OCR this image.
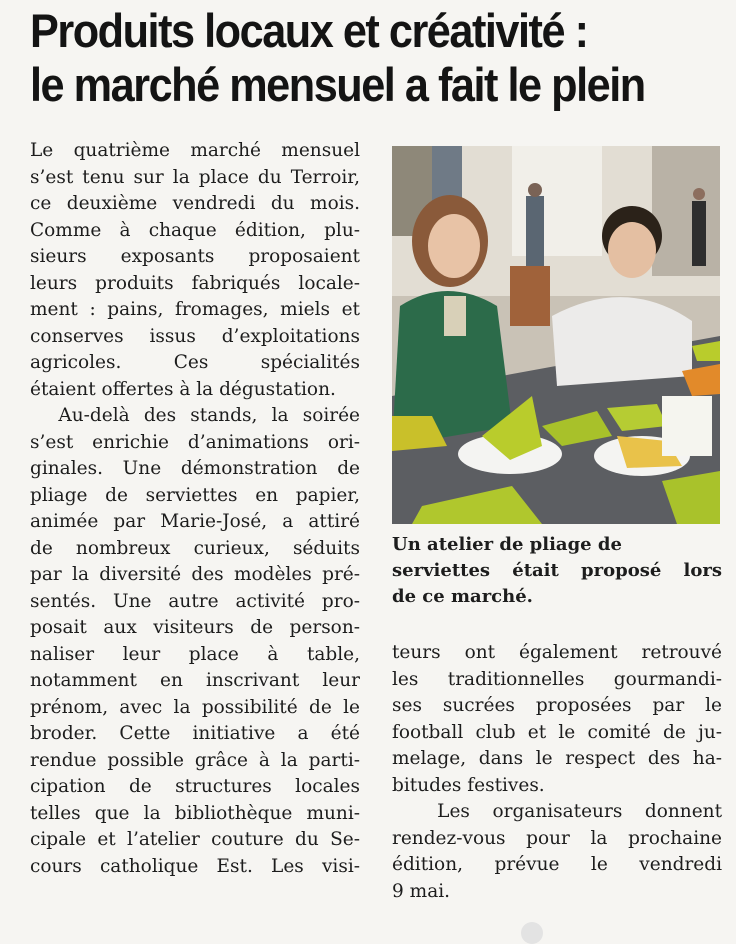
Produits locaux et créativité :
le marché mensuel a fait le plein
Le quatrième marché mensuel
s’est tenu sur la place du Terroir,
ce deuxième vendredi du mois.
Comme à chaque édition, plu-
sieurs exposants proposaient
leurs produits fabriqués locale-
ment : pains, fromages, miels et
conserves issus d’exploitations
agricoles. Ces spécialités
étaient offertes à la dégustation.
Au-delà des stands, la soirée
s’est enrichie d’animations ori-
ginales. Une démonstration de
pliage de serviettes en papier,
animée par Marie-José, a attiré
de nombreux curieux, séduits
par la diversité des modèles pré-
sentés. Une autre activité pro-
posait aux visiteurs de person-
naliser leur place à table,
notamment en inscrivant leur
prénom, avec la possibilité de le
broder. Cette initiative a été
rendue possible grâce à la parti-
cipation de structures locales
telles que la bibliothèque muni-
cipale et l’atelier couture du Se-
cours catholique Est. Les visi-
Un atelier de pliage de
serviettes était proposé lors
de ce marché.
teurs ont également retrouvé
les traditionnelles gourmandi-
ses sucrées proposées par le
football club et le comité de ju-
melage, dans le respect des ha-
bitudes festives.
Les organisateurs donnent
rendez-vous pour la prochaine
édition, prévue le vendredi
9 mai.
